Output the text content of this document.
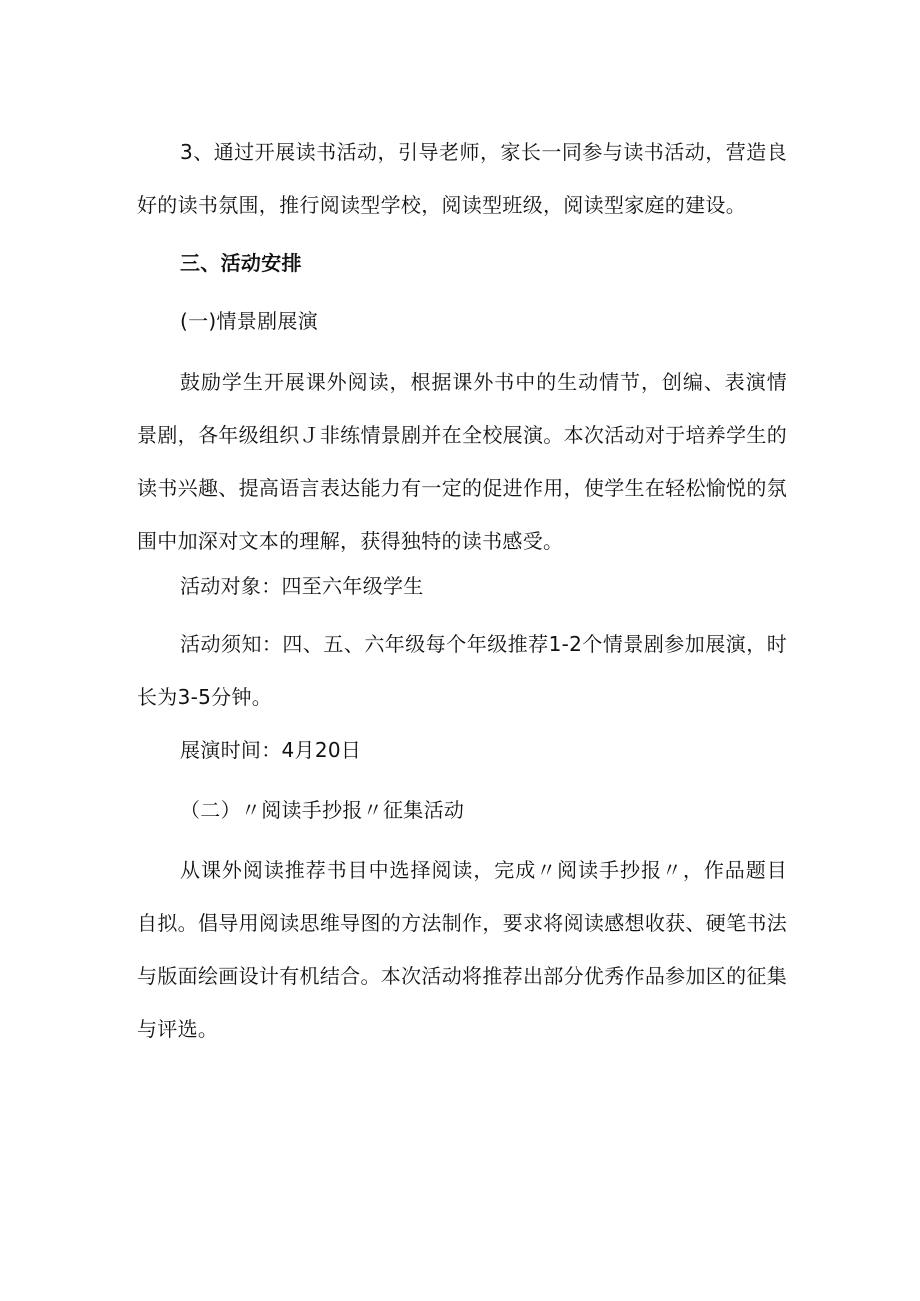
3、通过开展读书活动，引导老师，家长一同参与读书活动，营造良好的读书氛围，推行阅读型学校，阅读型班级，阅读型家庭的建设。

三、活动安排

(一)情景剧展演

鼓励学生开展课外阅读，根据课外书中的生动情节，创编、表演情景剧，各年级组织Ｊ非练情景剧并在全校展演。本次活动对于培养学生的读书兴趣、提高语言表达能力有一定的促进作用，使学生在轻松愉悦的氛围中加深对文本的理解，获得独特的读书感受。

活动对象：四至六年级学生

活动须知：四、五、六年级每个年级推荐1-2个情景剧参加展演，时长为3-5分钟。

展演时间：4月20日

（二）〃阅读手抄报〃征集活动

从课外阅读推荐书目中选择阅读，完成〃阅读手抄报〃，作品题目自拟。倡导用阅读思维导图的方法制作，要求将阅读感想收获、硬笔书法与版面绘画设计有机结合。本次活动将推荐出部分优秀作品参加区的征集与评选。
